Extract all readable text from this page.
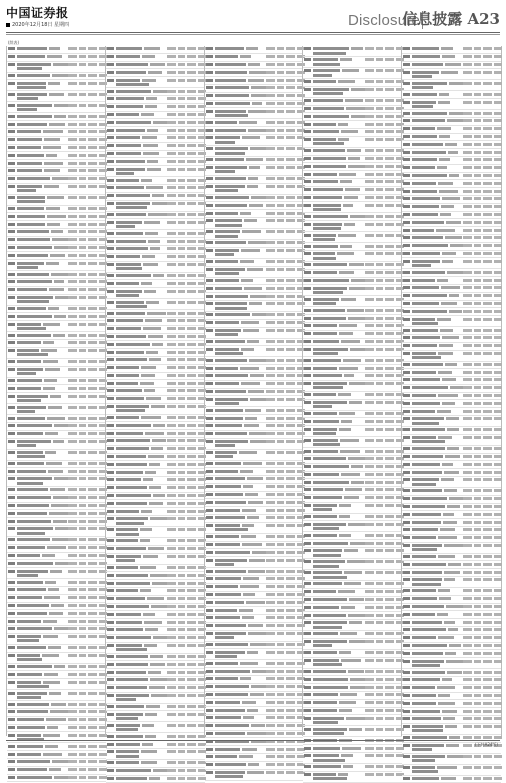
中国证券报
2020年12月18日 星期四	Disclosure
信息披露 A23
(续表)
(下转A24版)
